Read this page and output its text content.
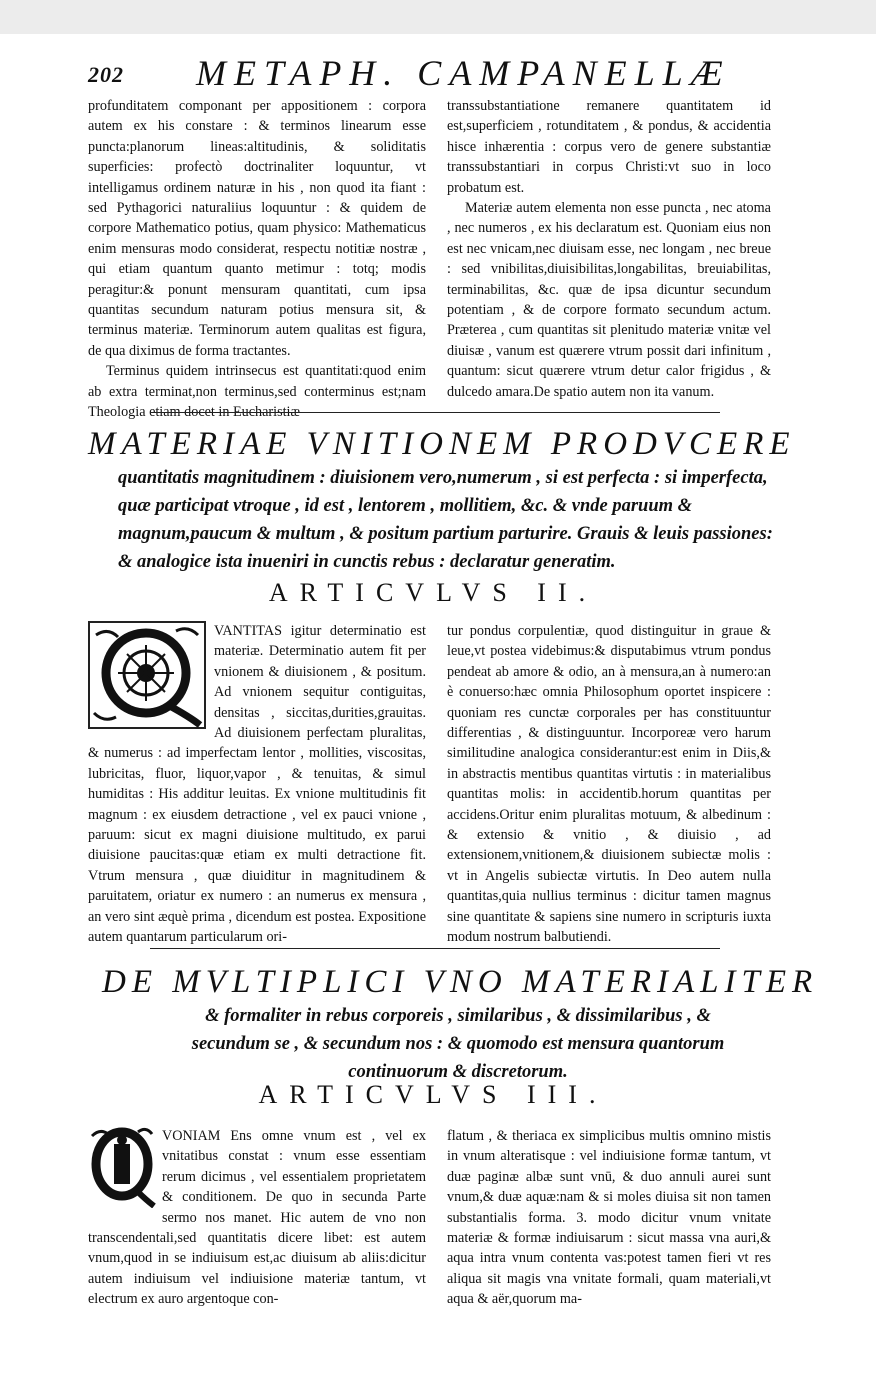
202 METAPH. CAMPANELLÆ

profunditatem componant per appositionem : corpora autem ex his constare : & terminos linearum esse puncta:planorum lineas:altitudinis, & soliditatis superficies: profectò doctrinaliter loquuntur, vt intelligamus ordinem naturæ in his , non quod ita fiant : sed Pythagorici naturaliius loquuntur : & quidem de corpore Mathematico potius, quam physico: Mathematicus enim mensuras modo considerat, respectu notitiæ nostræ , qui etiam quantum quanto metimur : totq; modis peragitur:& ponunt mensuram quantitati, cum ipsa quantitas secundum naturam potius mensura sit, & terminus materiæ. Terminorum autem qualitas est figura, de qua diximus de forma tractantes.

Terminus quidem intrinsecus est quantitati:quod enim ab extra terminat,non terminus,sed conterminus est;nam Theologia etiam docet in Eucharistiæ

transsubstantiatione remanere quantitatem id est,superficiem , rotunditatem , & pondus, & accidentia hisce inhærentia : corpus vero de genere substantiæ transsubstantiari in corpus Christi:vt suo in loco probatum est.

Materiæ autem elementa non esse puncta , nec atoma , nec numeros , ex his declaratum est. Quoniam eius non est nec vnicam,nec diuisam esse, nec longam , nec breue : sed vnibilitas,diuisibilitas,longabilitas, breuiabilitas, terminabilitas, &c. quæ de ipsa dicuntur secundum potentiam , & de corpore formato secundum actum. Præterea , cum quantitas sit plenitudo materiæ vnitæ vel diuisæ , vanum est quærere vtrum possit dari infinitum , quantum: sicut quærere vtrum detur calor frigidus , & dulcedo amara.De spatio autem non ita vanum.

MATERIAE VNITIONEM PRODVCERE
quantitatis magnitudinem : diuisionem vero,numerum , si est perfecta : si imperfecta, quæ participat vtroque , id est , lentorem , mollitiem, &c. & vnde paruum & magnum,paucum & multum , & positum partium parturire. Grauis & leuis passiones: & analogice ista inueniri in cunctis rebus : declaratur generatim.
ARTICVLVS II.
VANTITAS igitur determinatio est materiæ. Determinatio autem fit per vnionem & diuisionem , & positum. Ad vnionem sequitur contiguitas, densitas , siccitas,durities,grauitas. Ad diuisionem perfectam pluralitas, & numerus : ad imperfectam lentor , mollities, viscositas, lubricitas, fluor, liquor,vapor , & tenuitas, & simul humiditas : His additur leuitas. Ex vnione multitudinis fit magnum : ex eiusdem detractione , vel ex pauci vnione , paruum: sicut ex magni diuisione multitudo, ex parui diuisione paucitas:quæ etiam ex multi detractione fit. Vtrum mensura , quæ diuiditur in magnitudinem & paruitatem, oriatur ex numero : an numerus ex mensura , an vero sint æquè prima , dicendum est postea. Expositione autem quantarum particularum ori-
tur pondus corpulentiæ, quod distinguitur in graue & leue,vt postea videbimus:& disputabimus vtrum pondus pendeat ab amore & odio, an à mensura,an à numero:an è conuerso:hæc omnia Philosophum oportet inspicere : quoniam res cunctæ corporales per has constituuntur differentias , & distinguuntur. Incorporeæ vero harum similitudine analogica considerantur:est enim in Diis,& in abstractis mentibus quantitas virtutis : in materialibus quantitas molis: in accidentib.horum quantitas per accidens.Oritur enim pluralitas motuum, & albedinum : & extensio & vnitio , & diuisio , ad extensionem,vnitionem,& diuisionem subiectæ molis : vt in Angelis subiectæ virtutis. In Deo autem nulla quantitas,quia nullius terminus : dicitur tamen magnus sine quantitate & sapiens sine numero in scripturis iuxta modum nostrum balbutiendi.
DE MVLTIPLICI VNO MATERIALITER
& formaliter in rebus corporeis , similaribus , & dissimilaribus , & secundum se , & secundum nos : & quomodo est mensura quantorum continuorum & discretorum.
ARTICVLVS III.
VONIAM Ens omne vnum est , vel ex vnitatibus constat : vnum esse essentiam rerum dicimus , vel essentialem proprietatem & conditionem. De quo in secunda Parte sermo nos manet. Hic autem de vno non transcendentali,sed quantitatis dicere libet: est autem vnum,quod in se indiuisum est,ac diuisum ab aliis:dicitur autem indiuisum vel indiuisione materiæ tantum, vt electrum ex auro argentoque con-
flatum , & theriaca ex simplicibus multis omnino mistis in vnum alteratisque : vel indiuisione formæ tantum, vt duæ paginæ albæ sunt vnū, & duo annuli aurei sunt vnum,& duæ aquæ:nam & si moles diuisa sit non tamen substantialis forma. 3. modo dicitur vnum vnitate materiæ & formæ indiuisarum : sicut massa vna auri,& aqua intra vnum contenta vas:potest tamen fieri vt res aliqua sit magis vna vnitate formali, quam materiali,vt aqua & aër,quorum ma-
